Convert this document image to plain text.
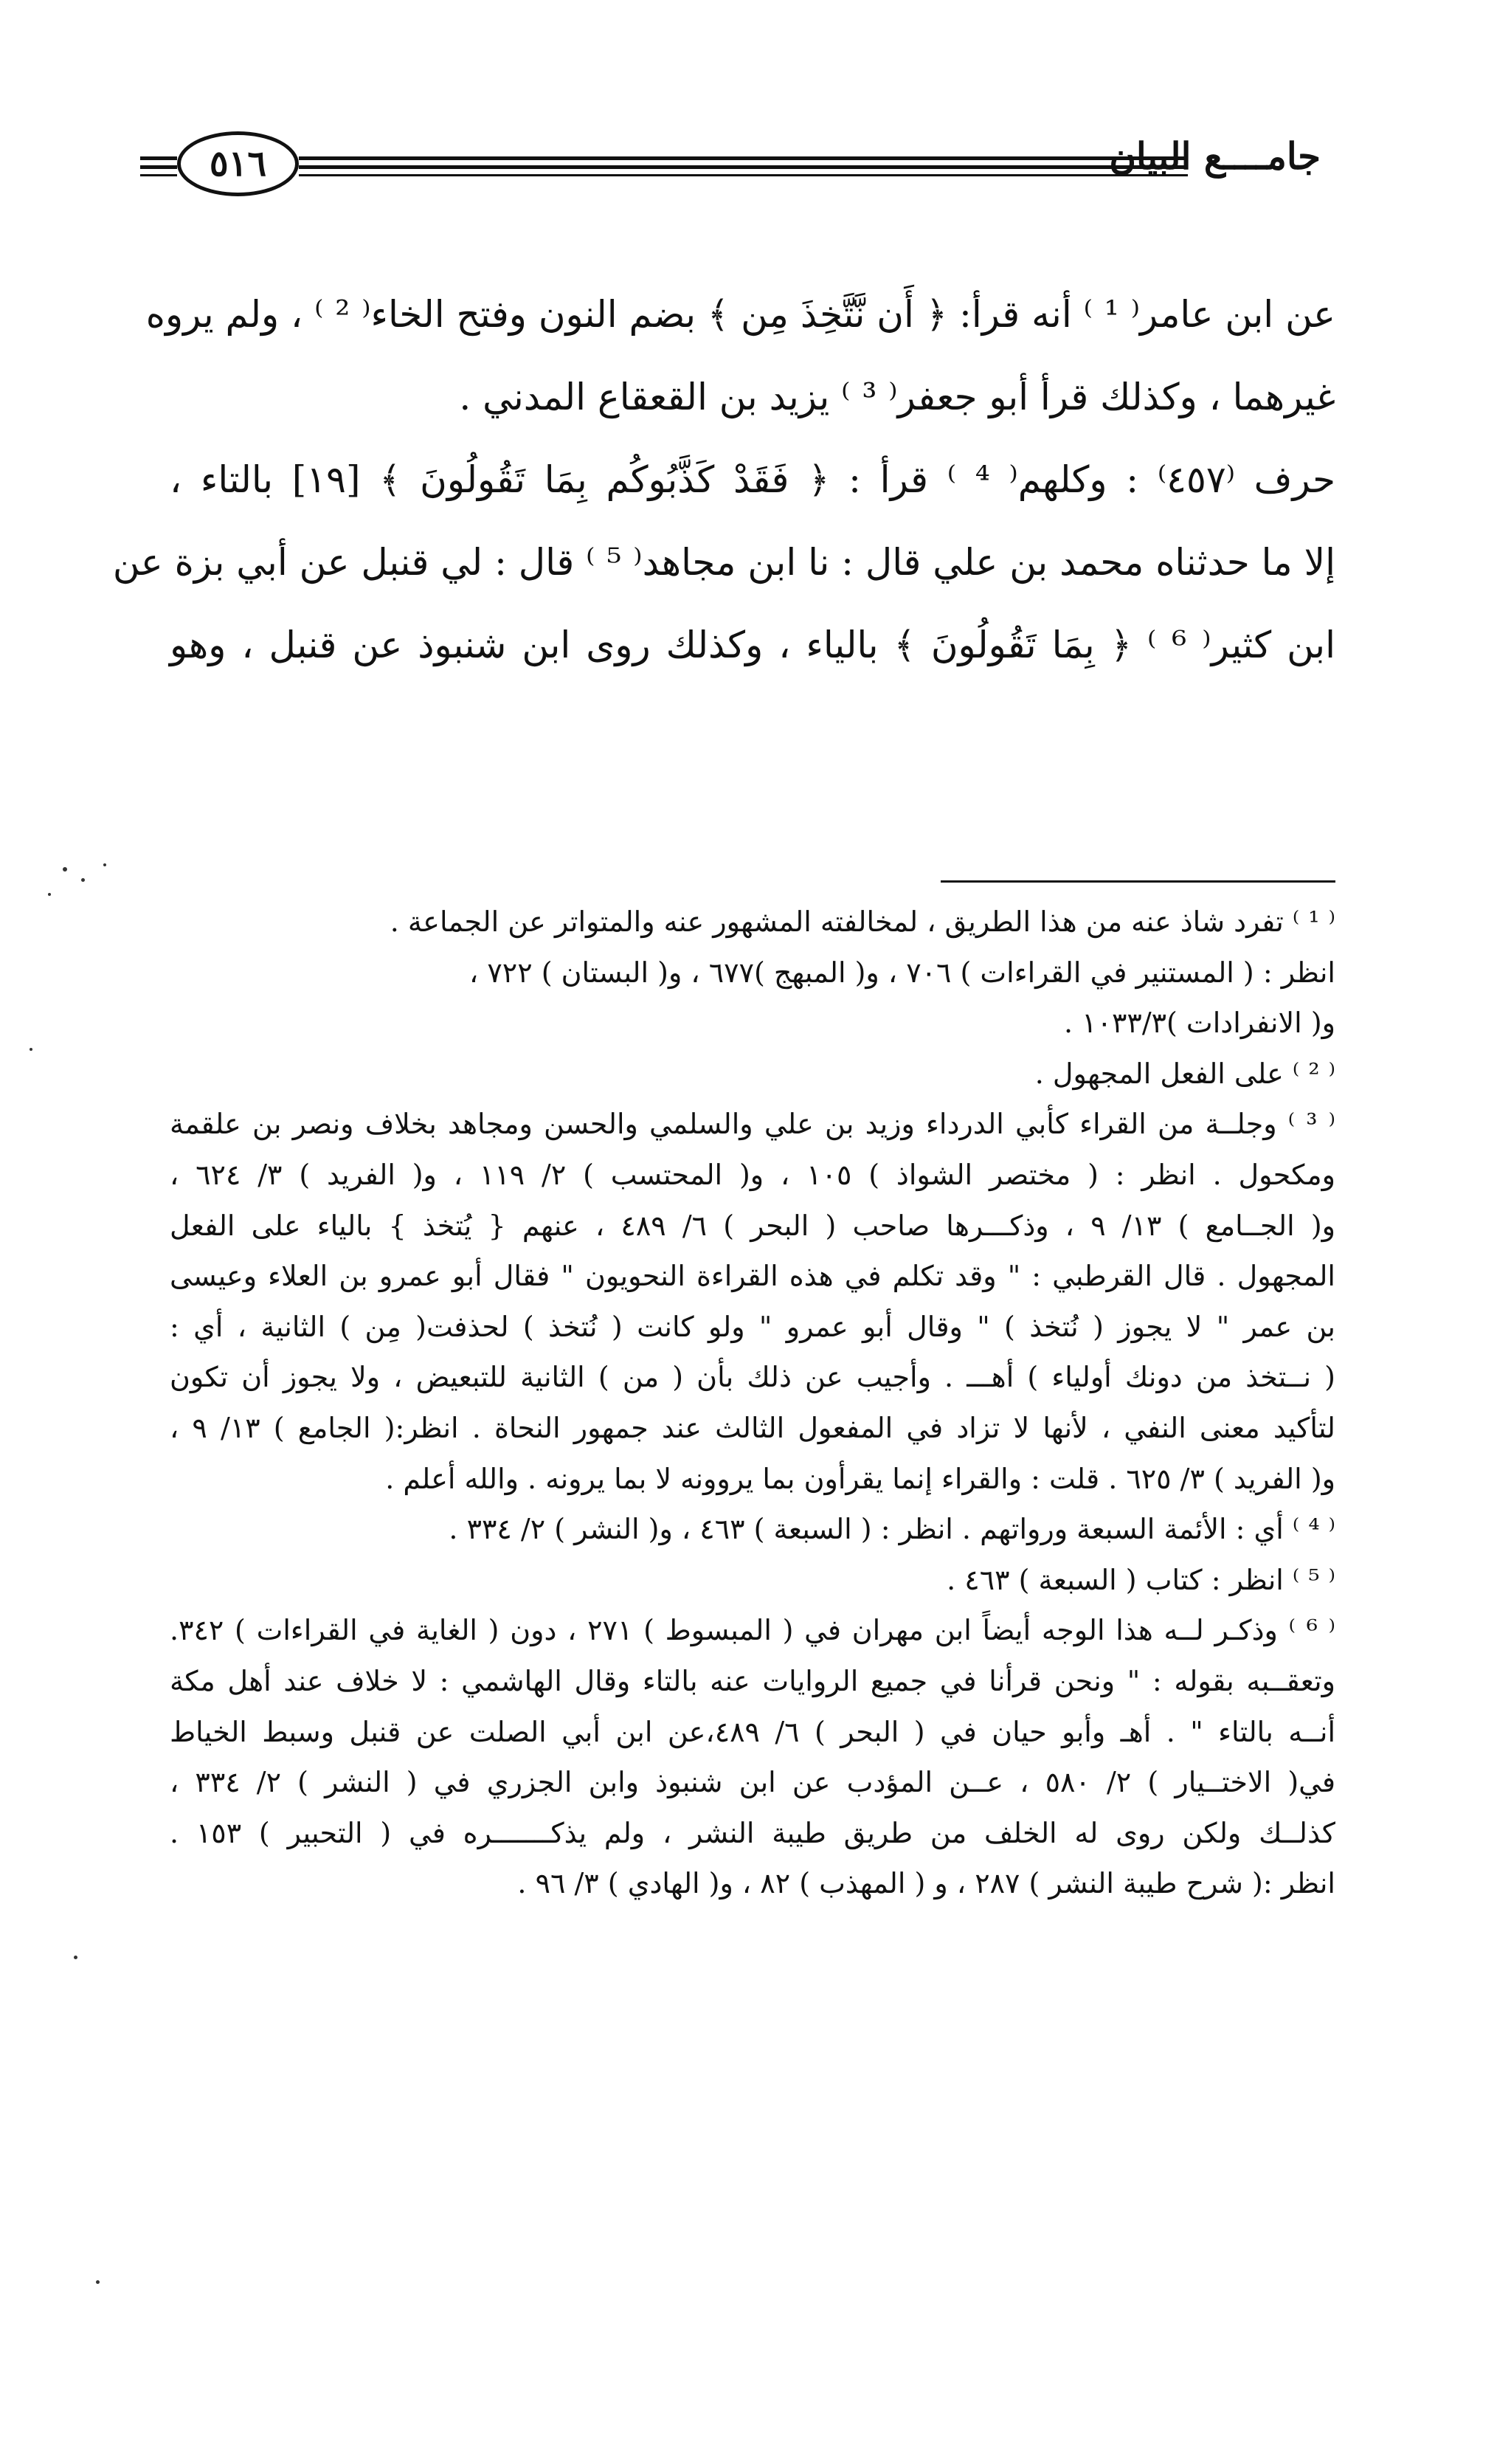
٥١٦	جامــــع البيان
عن ابن عامر⁽ ¹ ⁾ أنه قرأ: ﴿ أَن نَّتَّخِذَ مِن ﴾ بضم النون وفتح الخاء⁽ ² ⁾ ، ولم يروه
غيرهما ، وكذلك قرأ أبو جعفر⁽ ³ ⁾ يزيد بن القعقاع المدني .
حرف ⁽٤٥٧⁾ : وكلهم⁽ ⁴ ⁾ قرأ : ﴿ فَقَدْ كَذَّبُوكُم بِمَا تَقُولُونَ ﴾ [١٩] بالتاء ،
إلا ما حدثناه محمد بن علي قال : نا ابن مجاهد⁽ ⁵ ⁾ قال : لي قنبل عن أبي بزة عن
ابن كثير⁽ ⁶ ⁾ ﴿ بِمَا تَقُولُونَ ﴾ بالياء ، وكذلك روى ابن شنبوذ عن قنبل ، وهو
⁽ ¹ ⁾ تفرد شاذ عنه من هذا الطريق ، لمخالفته المشهور عنه والمتواتر عن الجماعة .
انظر : ( المستنير في القراءات ) ٧٠٦ ، و( المبهج )٦٧٧ ، و( البستان ) ٧٢٢ ،
و( الانفرادات )١٠٣٣/٣ .
⁽ ² ⁾ على الفعل المجهول .
⁽ ³ ⁾ وجلــة من القراء كأبي الدرداء وزيد بن علي والسلمي والحسن ومجاهد بخلاف ونصر بن علقمة
ومكحول . انظر : ( مختصر الشواذ ) ١٠٥ ، و( المحتسب ) ٢/ ١١٩ ، و( الفريد ) ٣/ ٦٢٤ ،
و( الجــامع ) ١٣/ ٩ ، وذكـــرها صاحب ( البحر ) ٦/ ٤٨٩ ، عنهم { يُتخذ } بالياء على الفعل
المجهول . قال القرطبي : " وقد تكلم في هذه القراءة النحويون " فقال أبو عمرو بن العلاء وعيسى
بن عمر " لا يجوز ( نُتخذ ) " وقال أبو عمرو " ولو كانت ( نُتخذ ) لحذفت( مِن ) الثانية ، أي :
( نــتخذ من دونك أولياء ) أهـــ . وأجيب عن ذلك بأن ( من ) الثانية للتبعيض ، ولا يجوز أن تكون
لتأكيد معنى النفي ، لأنها لا تزاد في المفعول الثالث عند جمهور النحاة . انظر:( الجامع ) ١٣/ ٩ ،
و( الفريد ) ٣/ ٦٢٥ . قلت : والقراء إنما يقرأون بما يروونه لا بما يرونه . والله أعلم .
⁽ ⁴ ⁾ أي : الأئمة السبعة ورواتهم . انظر : ( السبعة ) ٤٦٣ ، و( النشر ) ٢/ ٣٣٤ .
⁽ ⁵ ⁾ انظر : كتاب ( السبعة ) ٤٦٣ .
⁽ ⁶ ⁾ وذكـر لــه هذا الوجه أيضاً ابن مهران في ( المبسوط ) ٢٧١ ، دون ( الغاية في القراءات ) ٣٤٢.
وتعقــبه بقوله : " ونحن قرأنا في جميع الروايات عنه بالتاء وقال الهاشمي : لا خلاف عند أهل مكة
أنــه بالتاء " . أهـ وأبو حيان في ( البحر ) ٦/ ٤٨٩،عن ابن أبي الصلت عن قنبل وسبط الخياط
في( الاختــيار ) ٢/ ٥٨٠ ، عــن المؤدب عن ابن شنبوذ وابن الجزري في ( النشر ) ٢/ ٣٣٤ ،
كذلــك ولكن روى له الخلف من طريق طيبة النشر ، ولم يذكـــــــره في ( التحبير ) ١٥٣ .
انظر :( شرح طيبة النشر ) ٢٨٧ ، و ( المهذب ) ٨٢ ، و( الهادي ) ٣/ ٩٦ .
